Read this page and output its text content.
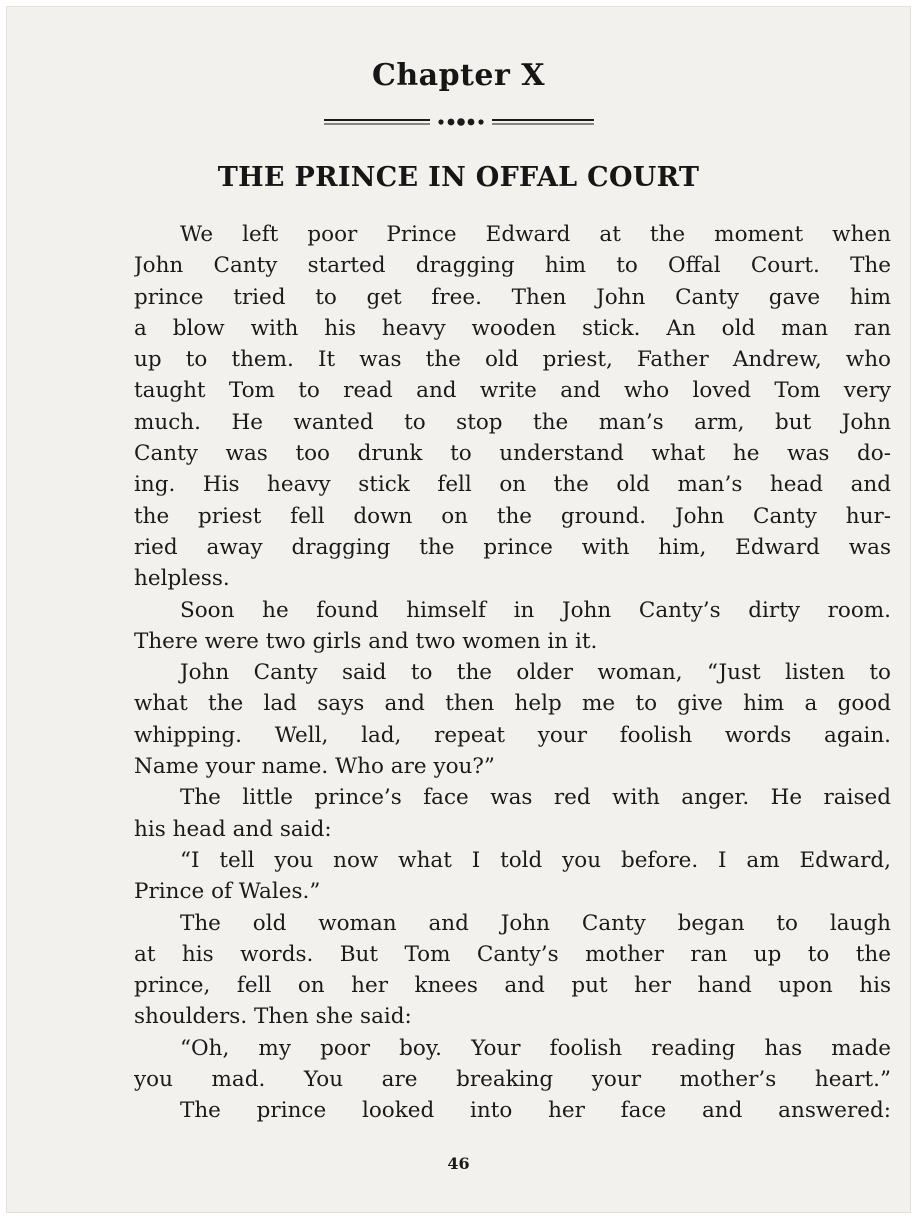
Chapter X
THE PRINCE IN OFFAL COURT
We left poor Prince Edward at the moment when
John Canty started dragging him to Offal Court. The
prince tried to get free. Then John Canty gave him
a blow with his heavy wooden stick. An old man ran
up to them. It was the old priest, Father Andrew, who
taught Tom to read and write and who loved Tom very
much. He wanted to stop the man’s arm, but John
Canty was too drunk to understand what he was do-
ing. His heavy stick fell on the old man’s head and
the priest fell down on the ground. John Canty hur-
ried away dragging the prince with him, Edward was
helpless.
Soon he found himself in John Canty’s dirty room.
There were two girls and two women in it.
John Canty said to the older woman, “Just listen to
what the lad says and then help me to give him a good
whipping. Well, lad, repeat your foolish words again.
Name your name. Who are you?”
The little prince’s face was red with anger. He raised
his head and said:
“I tell you now what I told you before. I am Edward,
Prince of Wales.”
The old woman and John Canty began to laugh
at his words. But Tom Canty’s mother ran up to the
prince, fell on her knees and put her hand upon his
shoulders. Then she said:
“Oh, my poor boy. Your foolish reading has made
you mad. You are breaking your mother’s heart.”
The prince looked into her face and answered:
46
